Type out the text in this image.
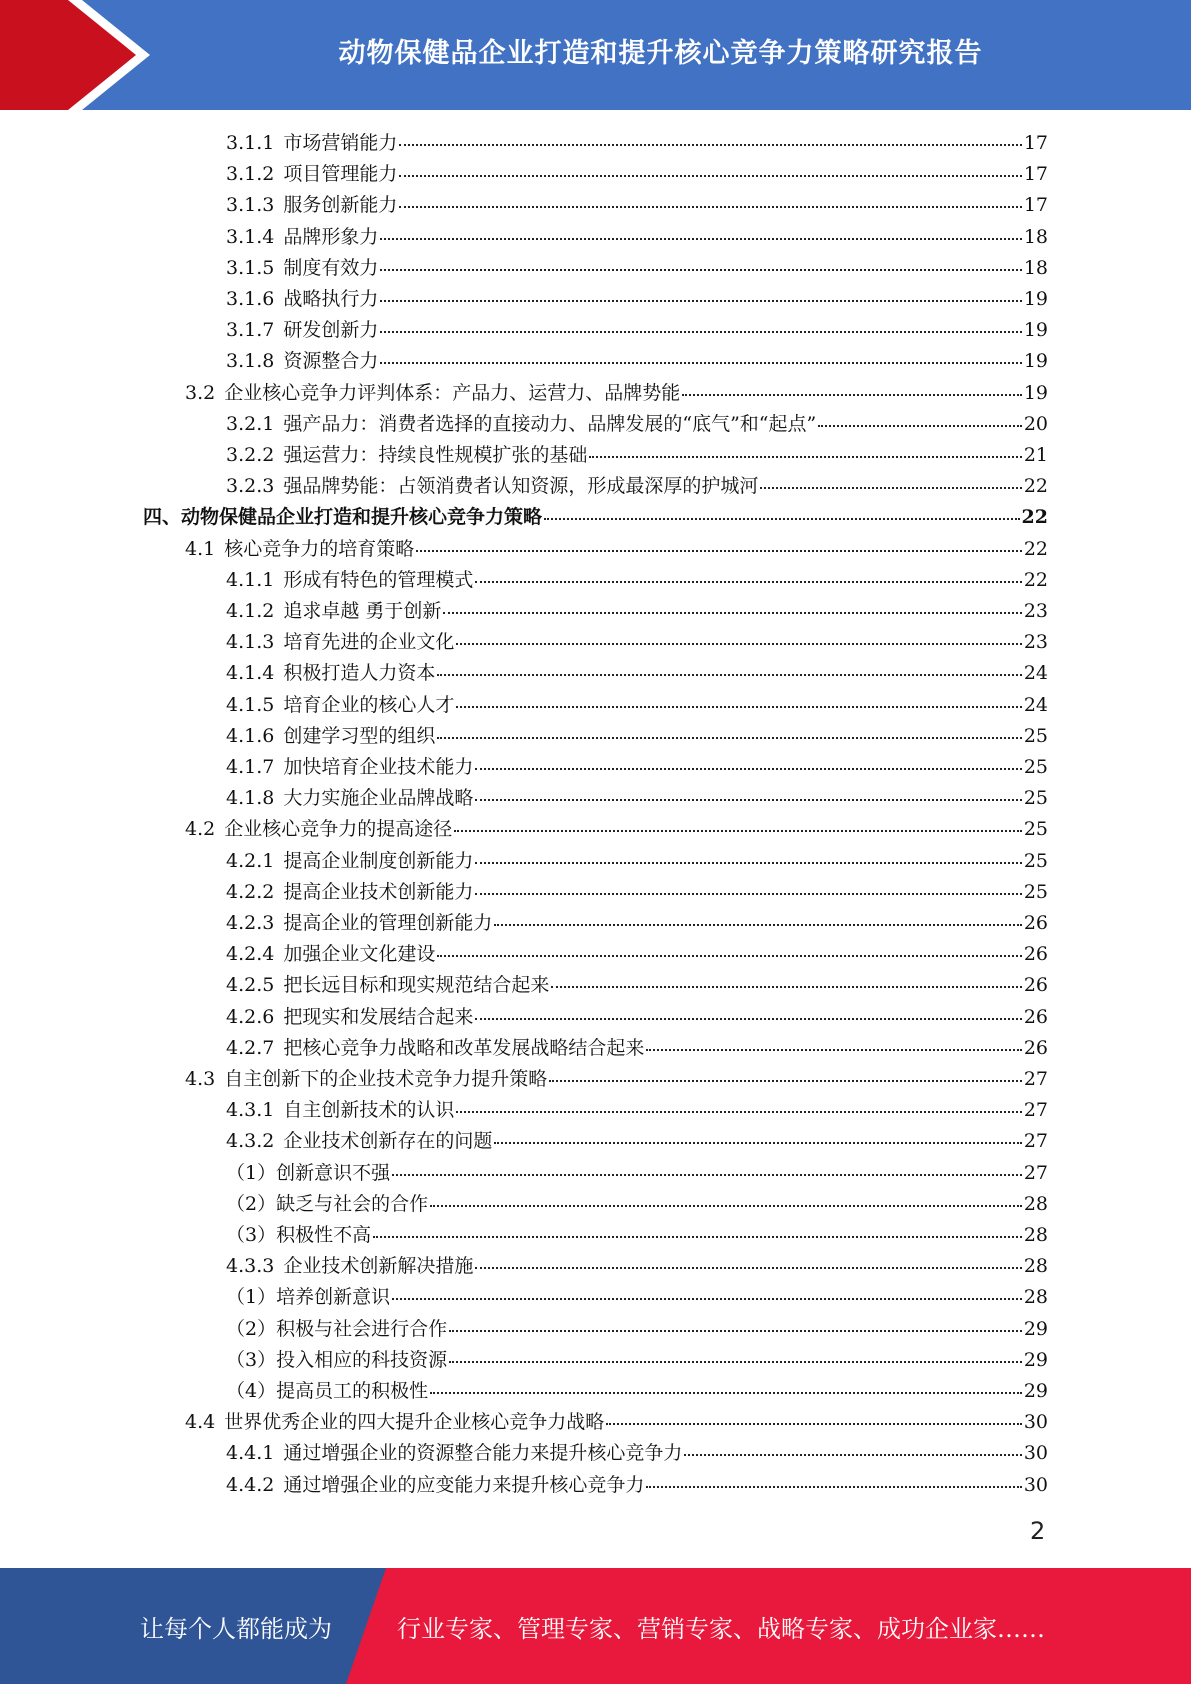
动物保健品企业打造和提升核心竞争力策略研究报告
3.1.1 市场营销能力	17
3.1.2 项目管理能力	17
3.1.3 服务创新能力	17
3.1.4 品牌形象力	18
3.1.5 制度有效力	18
3.1.6 战略执行力	19
3.1.7 研发创新力	19
3.1.8 资源整合力	19
3.2 企业核心竞争力评判体系：产品力、运营力、品牌势能	19
3.2.1 强产品力：消费者选择的直接动力、品牌发展的“底气”和“起点”	20
3.2.2 强运营力：持续良性规模扩张的基础	21
3.2.3 强品牌势能：占领消费者认知资源，形成最深厚的护城河	22
四、动物保健品企业打造和提升核心竞争力策略	22
4.1 核心竞争力的培育策略	22
4.1.1 形成有特色的管理模式	22
4.1.2 追求卓越 勇于创新	23
4.1.3 培育先进的企业文化	23
4.1.4 积极打造人力资本	24
4.1.5 培育企业的核心人才	24
4.1.6 创建学习型的组织	25
4.1.7 加快培育企业技术能力	25
4.1.8 大力实施企业品牌战略	25
4.2 企业核心竞争力的提高途径	25
4.2.1 提高企业制度创新能力	25
4.2.2 提高企业技术创新能力	25
4.2.3 提高企业的管理创新能力	26
4.2.4 加强企业文化建设	26
4.2.5 把长远目标和现实规范结合起来	26
4.2.6 把现实和发展结合起来	26
4.2.7 把核心竞争力战略和改革发展战略结合起来	26
4.3 自主创新下的企业技术竞争力提升策略	27
4.3.1 自主创新技术的认识	27
4.3.2 企业技术创新存在的问题	27
（1）创新意识不强	27
（2）缺乏与社会的合作	28
（3）积极性不高	28
4.3.3 企业技术创新解决措施	28
（1）培养创新意识	28
（2）积极与社会进行合作	29
（3）投入相应的科技资源	29
（4）提高员工的积极性	29
4.4 世界优秀企业的四大提升企业核心竞争力战略	30
4.4.1 通过增强企业的资源整合能力来提升核心竞争力	30
4.4.2 通过增强企业的应变能力来提升核心竞争力	30
2
让每个人都能成为	行业专家、管理专家、营销专家、战略专家、成功企业家……
